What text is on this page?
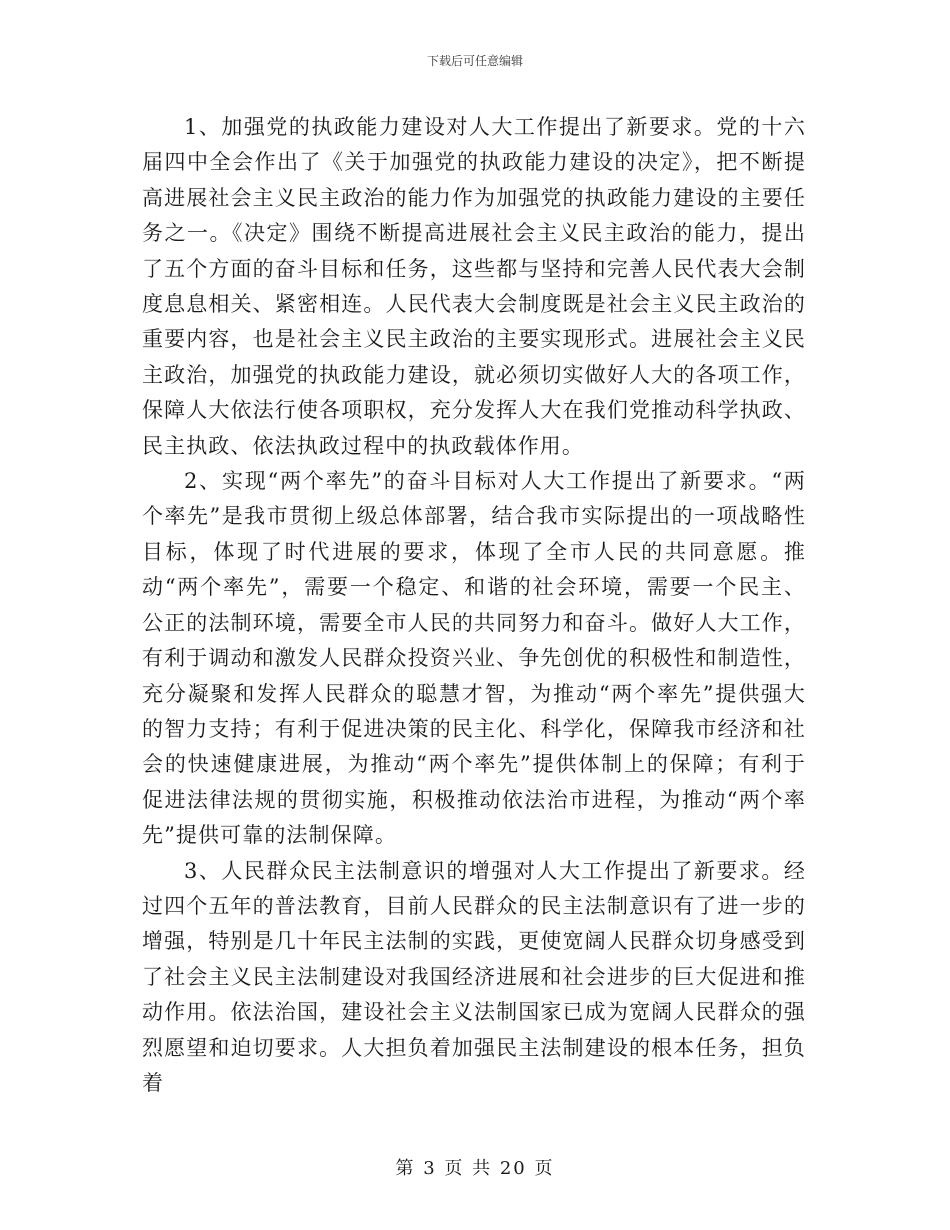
下载后可任意编辑

1、加强党的执政能力建设对人大工作提出了新要求。党的十六届四中全会作出了《关于加强党的执政能力建设的决定》，把不断提高进展社会主义民主政治的能力作为加强党的执政能力建设的主要任务之一。《决定》围绕不断提高进展社会主义民主政治的能力，提出了五个方面的奋斗目标和任务，这些都与坚持和完善人民代表大会制度息息相关、紧密相连。人民代表大会制度既是社会主义民主政治的重要内容，也是社会主义民主政治的主要实现形式。进展社会主义民主政治，加强党的执政能力建设，就必须切实做好人大的各项工作，保障人大依法行使各项职权，充分发挥人大在我们党推动科学执政、民主执政、依法执政过程中的执政载体作用。

2、实现“两个率先”的奋斗目标对人大工作提出了新要求。“两个率先”是我市贯彻上级总体部署，结合我市实际提出的一项战略性目标，体现了时代进展的要求，体现了全市人民的共同意愿。推动“两个率先”，需要一个稳定、和谐的社会环境，需要一个民主、公正的法制环境，需要全市人民的共同努力和奋斗。做好人大工作，有利于调动和激发人民群众投资兴业、争先创优的积极性和制造性，充分凝聚和发挥人民群众的聪慧才智，为推动“两个率先”提供强大的智力支持；有利于促进决策的民主化、科学化，保障我市经济和社会的快速健康进展，为推动“两个率先”提供体制上的保障；有利于促进法律法规的贯彻实施，积极推动依法治市进程，为推动“两个率先”提供可靠的法制保障。

3、人民群众民主法制意识的增强对人大工作提出了新要求。经过四个五年的普法教育，目前人民群众的民主法制意识有了进一步的增强，特别是几十年民主法制的实践，更使宽阔人民群众切身感受到了社会主义民主法制建设对我国经济进展和社会进步的巨大促进和推动作用。依法治国，建设社会主义法制国家已成为宽阔人民群众的强烈愿望和迫切要求。人大担负着加强民主法制建设的根本任务，担负着

第 3 页 共 20 页
